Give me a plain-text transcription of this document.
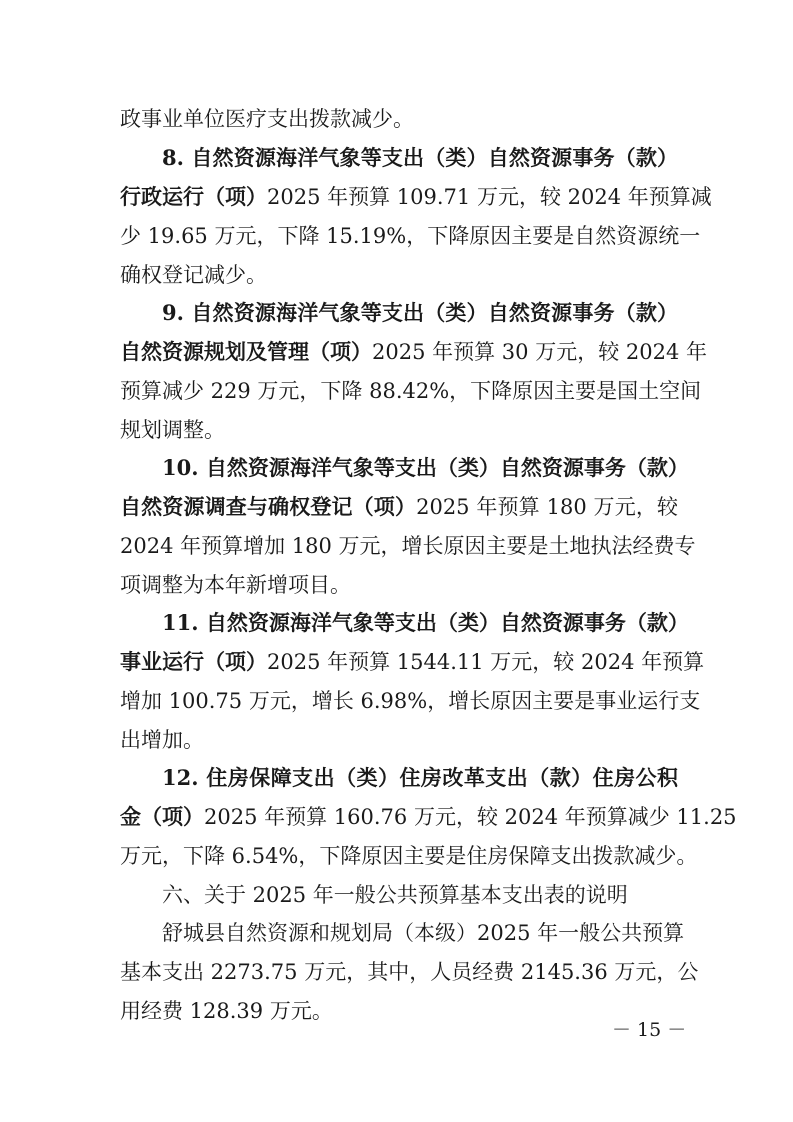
政事业单位医疗支出拨款减少。
8. 自然资源海洋气象等支出（类）自然资源事务（款）
行政运行（项）2025 年预算 109.71 万元，较 2024 年预算减
少 19.65 万元，下降 15.19%，下降原因主要是自然资源统一
确权登记减少。
9. 自然资源海洋气象等支出（类）自然资源事务（款）
自然资源规划及管理（项）2025 年预算 30 万元，较 2024 年
预算减少 229 万元，下降 88.42%，下降原因主要是国土空间
规划调整。
10. 自然资源海洋气象等支出（类）自然资源事务（款）
自然资源调查与确权登记（项）2025 年预算 180 万元，较
2024 年预算增加 180 万元，增长原因主要是土地执法经费专
项调整为本年新增项目。
11. 自然资源海洋气象等支出（类）自然资源事务（款）
事业运行（项）2025 年预算 1544.11 万元，较 2024 年预算
增加 100.75 万元，增长 6.98%，增长原因主要是事业运行支
出增加。
12. 住房保障支出（类）住房改革支出（款）住房公积
金（项）2025 年预算 160.76 万元，较 2024 年预算减少 11.25
万元，下降 6.54%，下降原因主要是住房保障支出拨款减少。
六、关于 2025 年一般公共预算基本支出表的说明
舒城县自然资源和规划局（本级）2025 年一般公共预算
基本支出 2273.75 万元，其中，人员经费 2145.36 万元，公
用经费 128.39 万元。
－ 15 －
